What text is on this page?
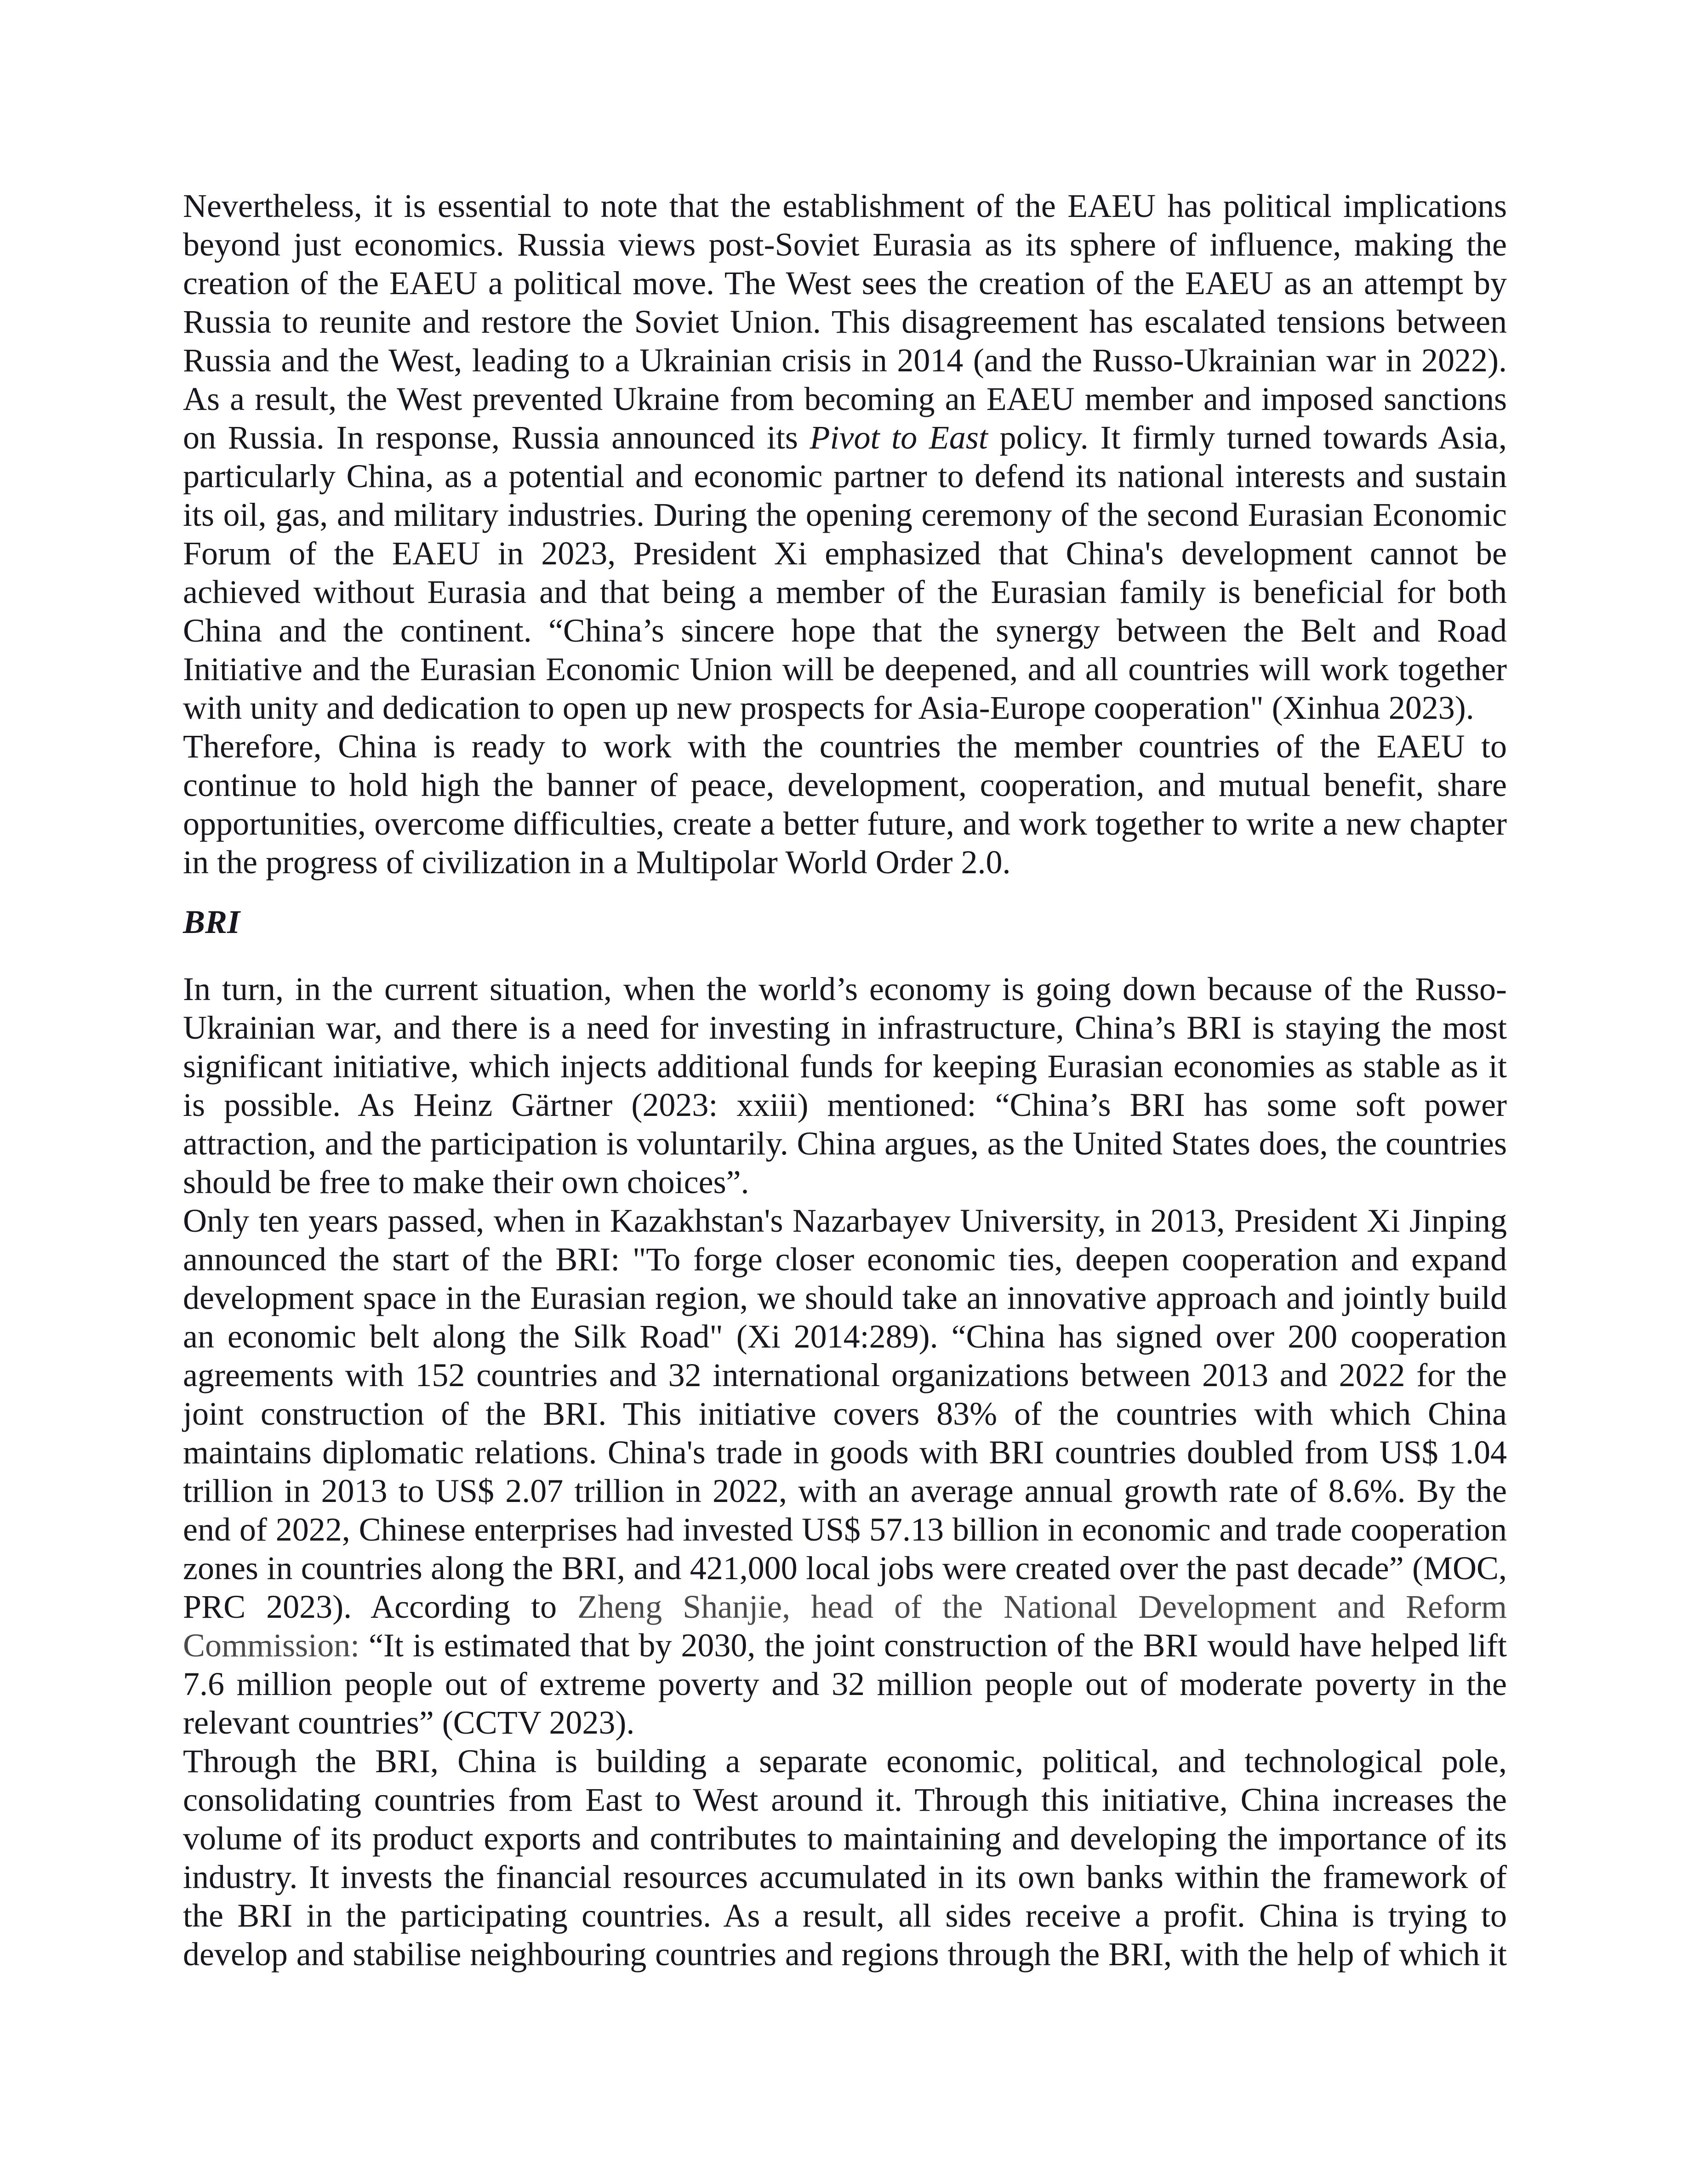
Nevertheless, it is essential to note that the establishment of the EAEU has political implications beyond just economics. Russia views post-Soviet Eurasia as its sphere of influence, making the creation of the EAEU a political move. The West sees the creation of the EAEU as an attempt by Russia to reunite and restore the Soviet Union. This disagreement has escalated tensions between Russia and the West, leading to a Ukrainian crisis in 2014 (and the Russo-Ukrainian war in 2022). As a result, the West prevented Ukraine from becoming an EAEU member and imposed sanctions on Russia. In response, Russia announced its Pivot to East policy. It firmly turned towards Asia, particularly China, as a potential and economic partner to defend its national interests and sustain its oil, gas, and military industries. During the opening ceremony of the second Eurasian Economic Forum of the EAEU in 2023, President Xi emphasized that China's development cannot be achieved without Eurasia and that being a member of the Eurasian family is beneficial for both China and the continent. “China’s sincere hope that the synergy between the Belt and Road Initiative and the Eurasian Economic Union will be deepened, and all countries will work together with unity and dedication to open up new prospects for Asia-Europe cooperation" (Xinhua 2023).

Therefore, China is ready to work with the countries the member countries of the EAEU to continue to hold high the banner of peace, development, cooperation, and mutual benefit, share opportunities, overcome difficulties, create a better future, and work together to write a new chapter in the progress of civilization in a Multipolar World Order 2.0.

BRI

In turn, in the current situation, when the world’s economy is going down because of the Russo-Ukrainian war, and there is a need for investing in infrastructure, China’s BRI is staying the most significant initiative, which injects additional funds for keeping Eurasian economies as stable as it is possible. As Heinz Gärtner (2023: xxiii) mentioned: “China’s BRI has some soft power attraction, and the participation is voluntarily. China argues, as the United States does, the countries should be free to make their own choices”.

Only ten years passed, when in Kazakhstan's Nazarbayev University, in 2013, President Xi Jinping announced the start of the BRI: "To forge closer economic ties, deepen cooperation and expand development space in the Eurasian region, we should take an innovative approach and jointly build an economic belt along the Silk Road" (Xi 2014:289). “China has signed over 200 cooperation agreements with 152 countries and 32 international organizations between 2013 and 2022 for the joint construction of the BRI. This initiative covers 83% of the countries with which China maintains diplomatic relations. China's trade in goods with BRI countries doubled from US$ 1.04 trillion in 2013 to US$ 2.07 trillion in 2022, with an average annual growth rate of 8.6%. By the end of 2022, Chinese enterprises had invested US$ 57.13 billion in economic and trade cooperation zones in countries along the BRI, and 421,000 local jobs were created over the past decade” (MOC, PRC 2023). According to Zheng Shanjie, head of the National Development and Reform Commission: “It is estimated that by 2030, the joint construction of the BRI would have helped lift 7.6 million people out of extreme poverty and 32 million people out of moderate poverty in the relevant countries” (CCTV 2023).

Through the BRI, China is building a separate economic, political, and technological pole, consolidating countries from East to West around it. Through this initiative, China increases the volume of its product exports and contributes to maintaining and developing the importance of its industry. It invests the financial resources accumulated in its own banks within the framework of the BRI in the participating countries. As a result, all sides receive a profit. China is trying to develop and stabilise neighbouring countries and regions through the BRI, with the help of which it
